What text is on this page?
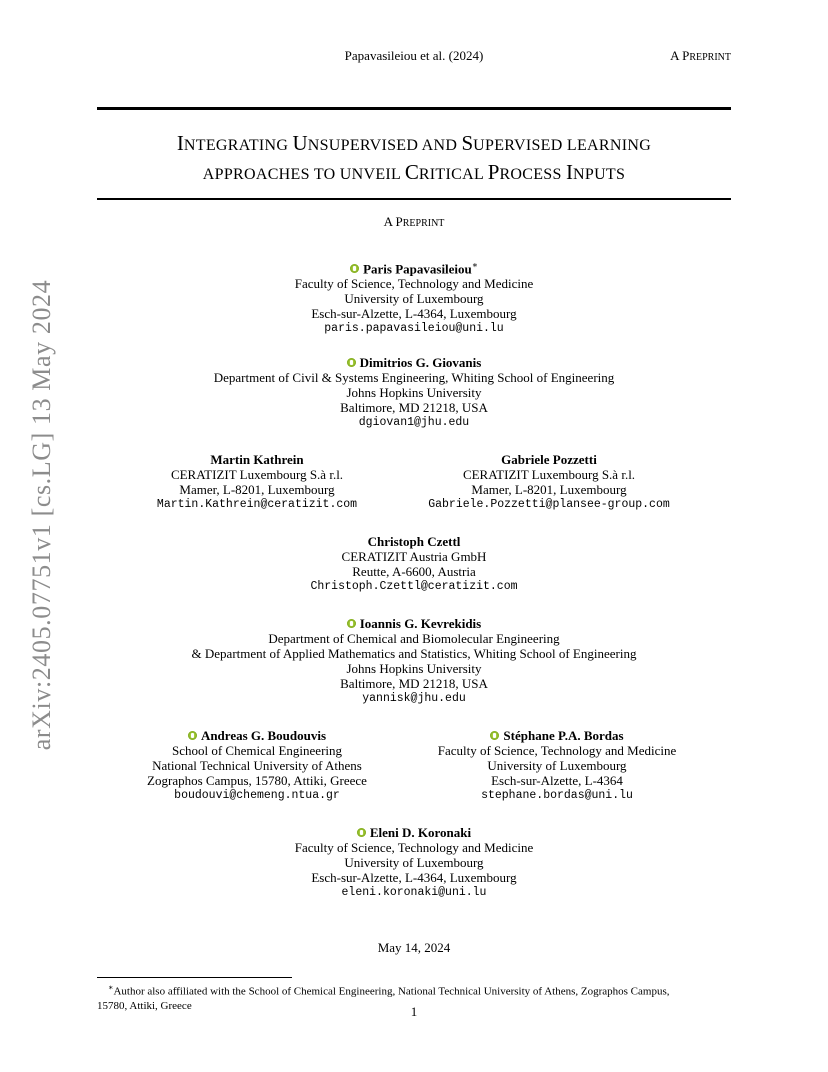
Papavasileiou et al. (2024)	A PREPRINT
arXiv:2405.07751v1 [cs.LG] 13 May 2024
INTEGRATING UNSUPERVISED AND SUPERVISED LEARNING
APPROACHES TO UNVEIL CRITICAL PROCESS INPUTS
A PREPRINT
Paris Papavasileiou∗
Faculty of Science, Technology and Medicine
University of Luxembourg
Esch-sur-Alzette, L-4364, Luxembourg
paris.papavasileiou@uni.lu
Dimitrios G. Giovanis
Department of Civil & Systems Engineering, Whiting School of Engineering
Johns Hopkins University
Baltimore, MD 21218, USA
dgiovan1@jhu.edu
Martin Kathrein
CERATIZIT Luxembourg S.à r.l.
Mamer, L-8201, Luxembourg
Martin.Kathrein@ceratizit.com
Gabriele Pozzetti
CERATIZIT Luxembourg S.à r.l.
Mamer, L-8201, Luxembourg
Gabriele.Pozzetti@plansee-group.com
Christoph Czettl
CERATIZIT Austria GmbH
Reutte, A-6600, Austria
Christoph.Czettl@ceratizit.com
Ioannis G. Kevrekidis
Department of Chemical and Biomolecular Engineering
& Department of Applied Mathematics and Statistics, Whiting School of Engineering
Johns Hopkins University
Baltimore, MD 21218, USA
yannisk@jhu.edu
Andreas G. Boudouvis
School of Chemical Engineering
National Technical University of Athens
Zographos Campus, 15780, Attiki, Greece
boudouvi@chemeng.ntua.gr
Stéphane P.A. Bordas
Faculty of Science, Technology and Medicine
University of Luxembourg
Esch-sur-Alzette, L-4364
stephane.bordas@uni.lu
Eleni D. Koronaki
Faculty of Science, Technology and Medicine
University of Luxembourg
Esch-sur-Alzette, L-4364, Luxembourg
eleni.koronaki@uni.lu
May 14, 2024
∗Author also affiliated with the School of Chemical Engineering, National Technical University of Athens, Zographos Campus,
15780, Attiki, Greece	1
